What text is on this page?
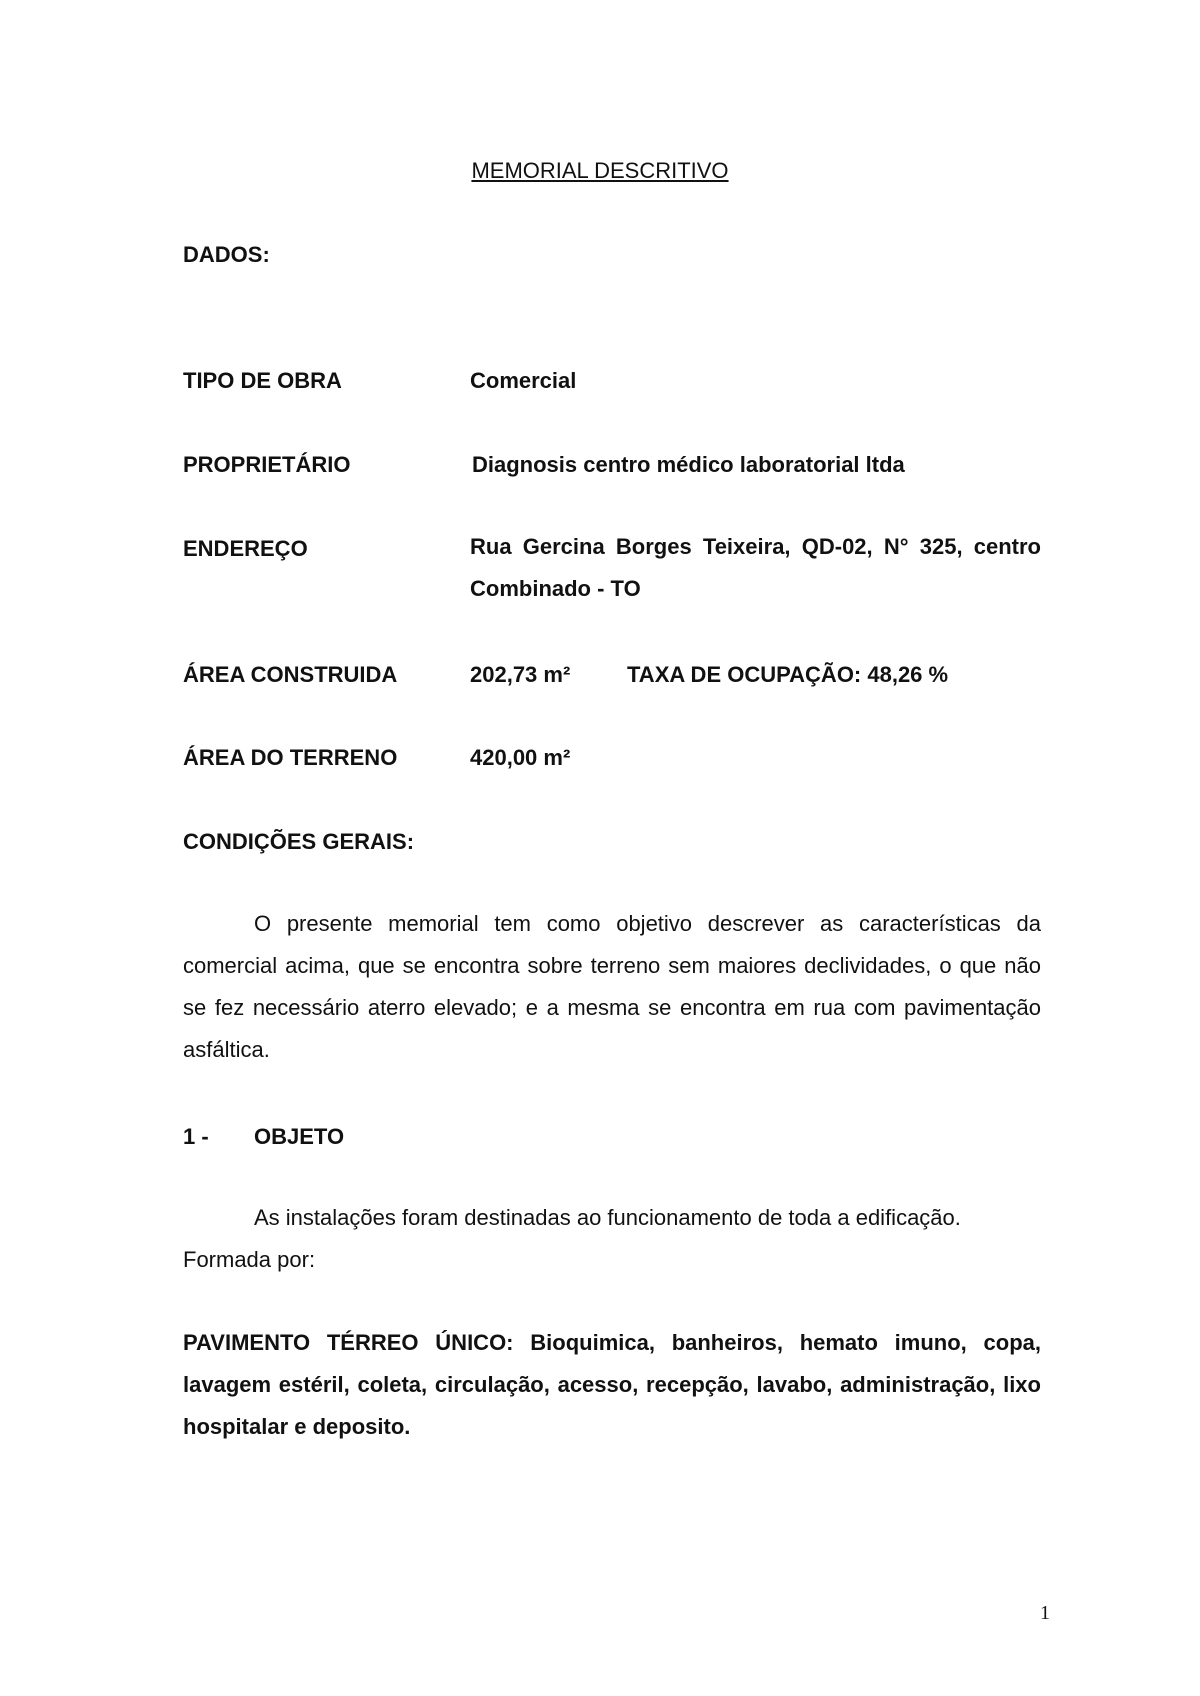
MEMORIAL DESCRITIVO
DADOS:
TIPO DE OBRA	Comercial
PROPRIETÁRIO	Diagnosis centro médico laboratorial ltda
ENDEREÇO	Rua Gercina Borges Teixeira, QD-02, N° 325, centro Combinado - TO
ÁREA CONSTRUIDA	202,73 m²	TAXA DE OCUPAÇÃO: 48,26 %
ÁREA DO TERRENO	420,00 m²
CONDIÇÕES GERAIS:
O presente memorial tem como objetivo descrever as características da comercial acima, que se encontra sobre terreno sem maiores declividades, o que não se fez necessário aterro elevado; e a mesma se encontra em rua com pavimentação asfáltica.
1 - OBJETO
As instalações foram destinadas ao funcionamento de toda a edificação. Formada por:
PAVIMENTO TÉRREO ÚNICO: Bioquimica, banheiros, hemato imuno, copa, lavagem estéril, coleta, circulação, acesso, recepção, lavabo, administração, lixo hospitalar e deposito.
1
